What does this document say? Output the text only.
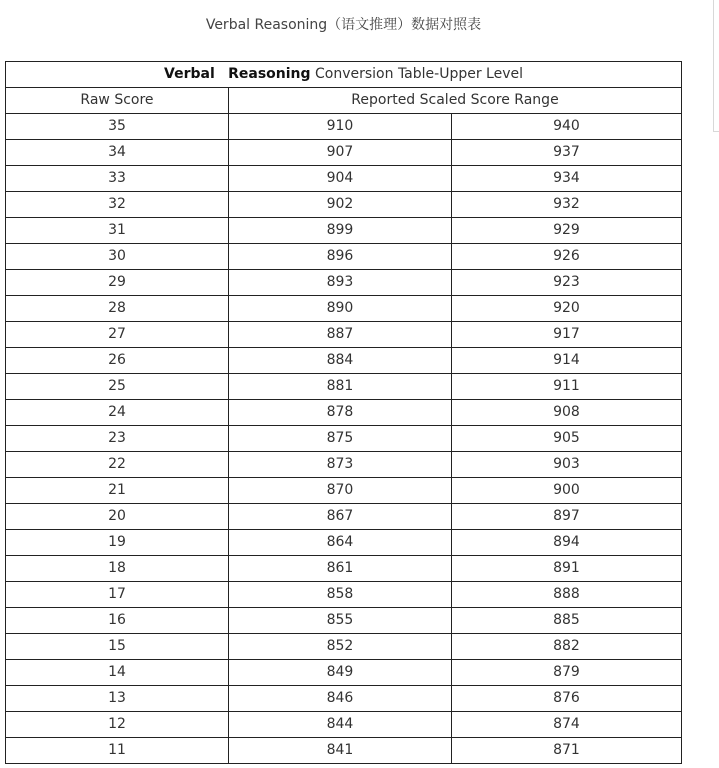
Verbal Reasoning（语文推理）数据对照表
Verbal Reasoning Conversion Table-Upper Level		
Raw Score	Reported Scaled Score Range	
35	910	940
34	907	937
33	904	934
32	902	932
31	899	929
30	896	926
29	893	923
28	890	920
27	887	917
26	884	914
25	881	911
24	878	908
23	875	905
22	873	903
21	870	900
20	867	897
19	864	894
18	861	891
17	858	888
16	855	885
15	852	882
14	849	879
13	846	876
12	844	874
11	841	871
